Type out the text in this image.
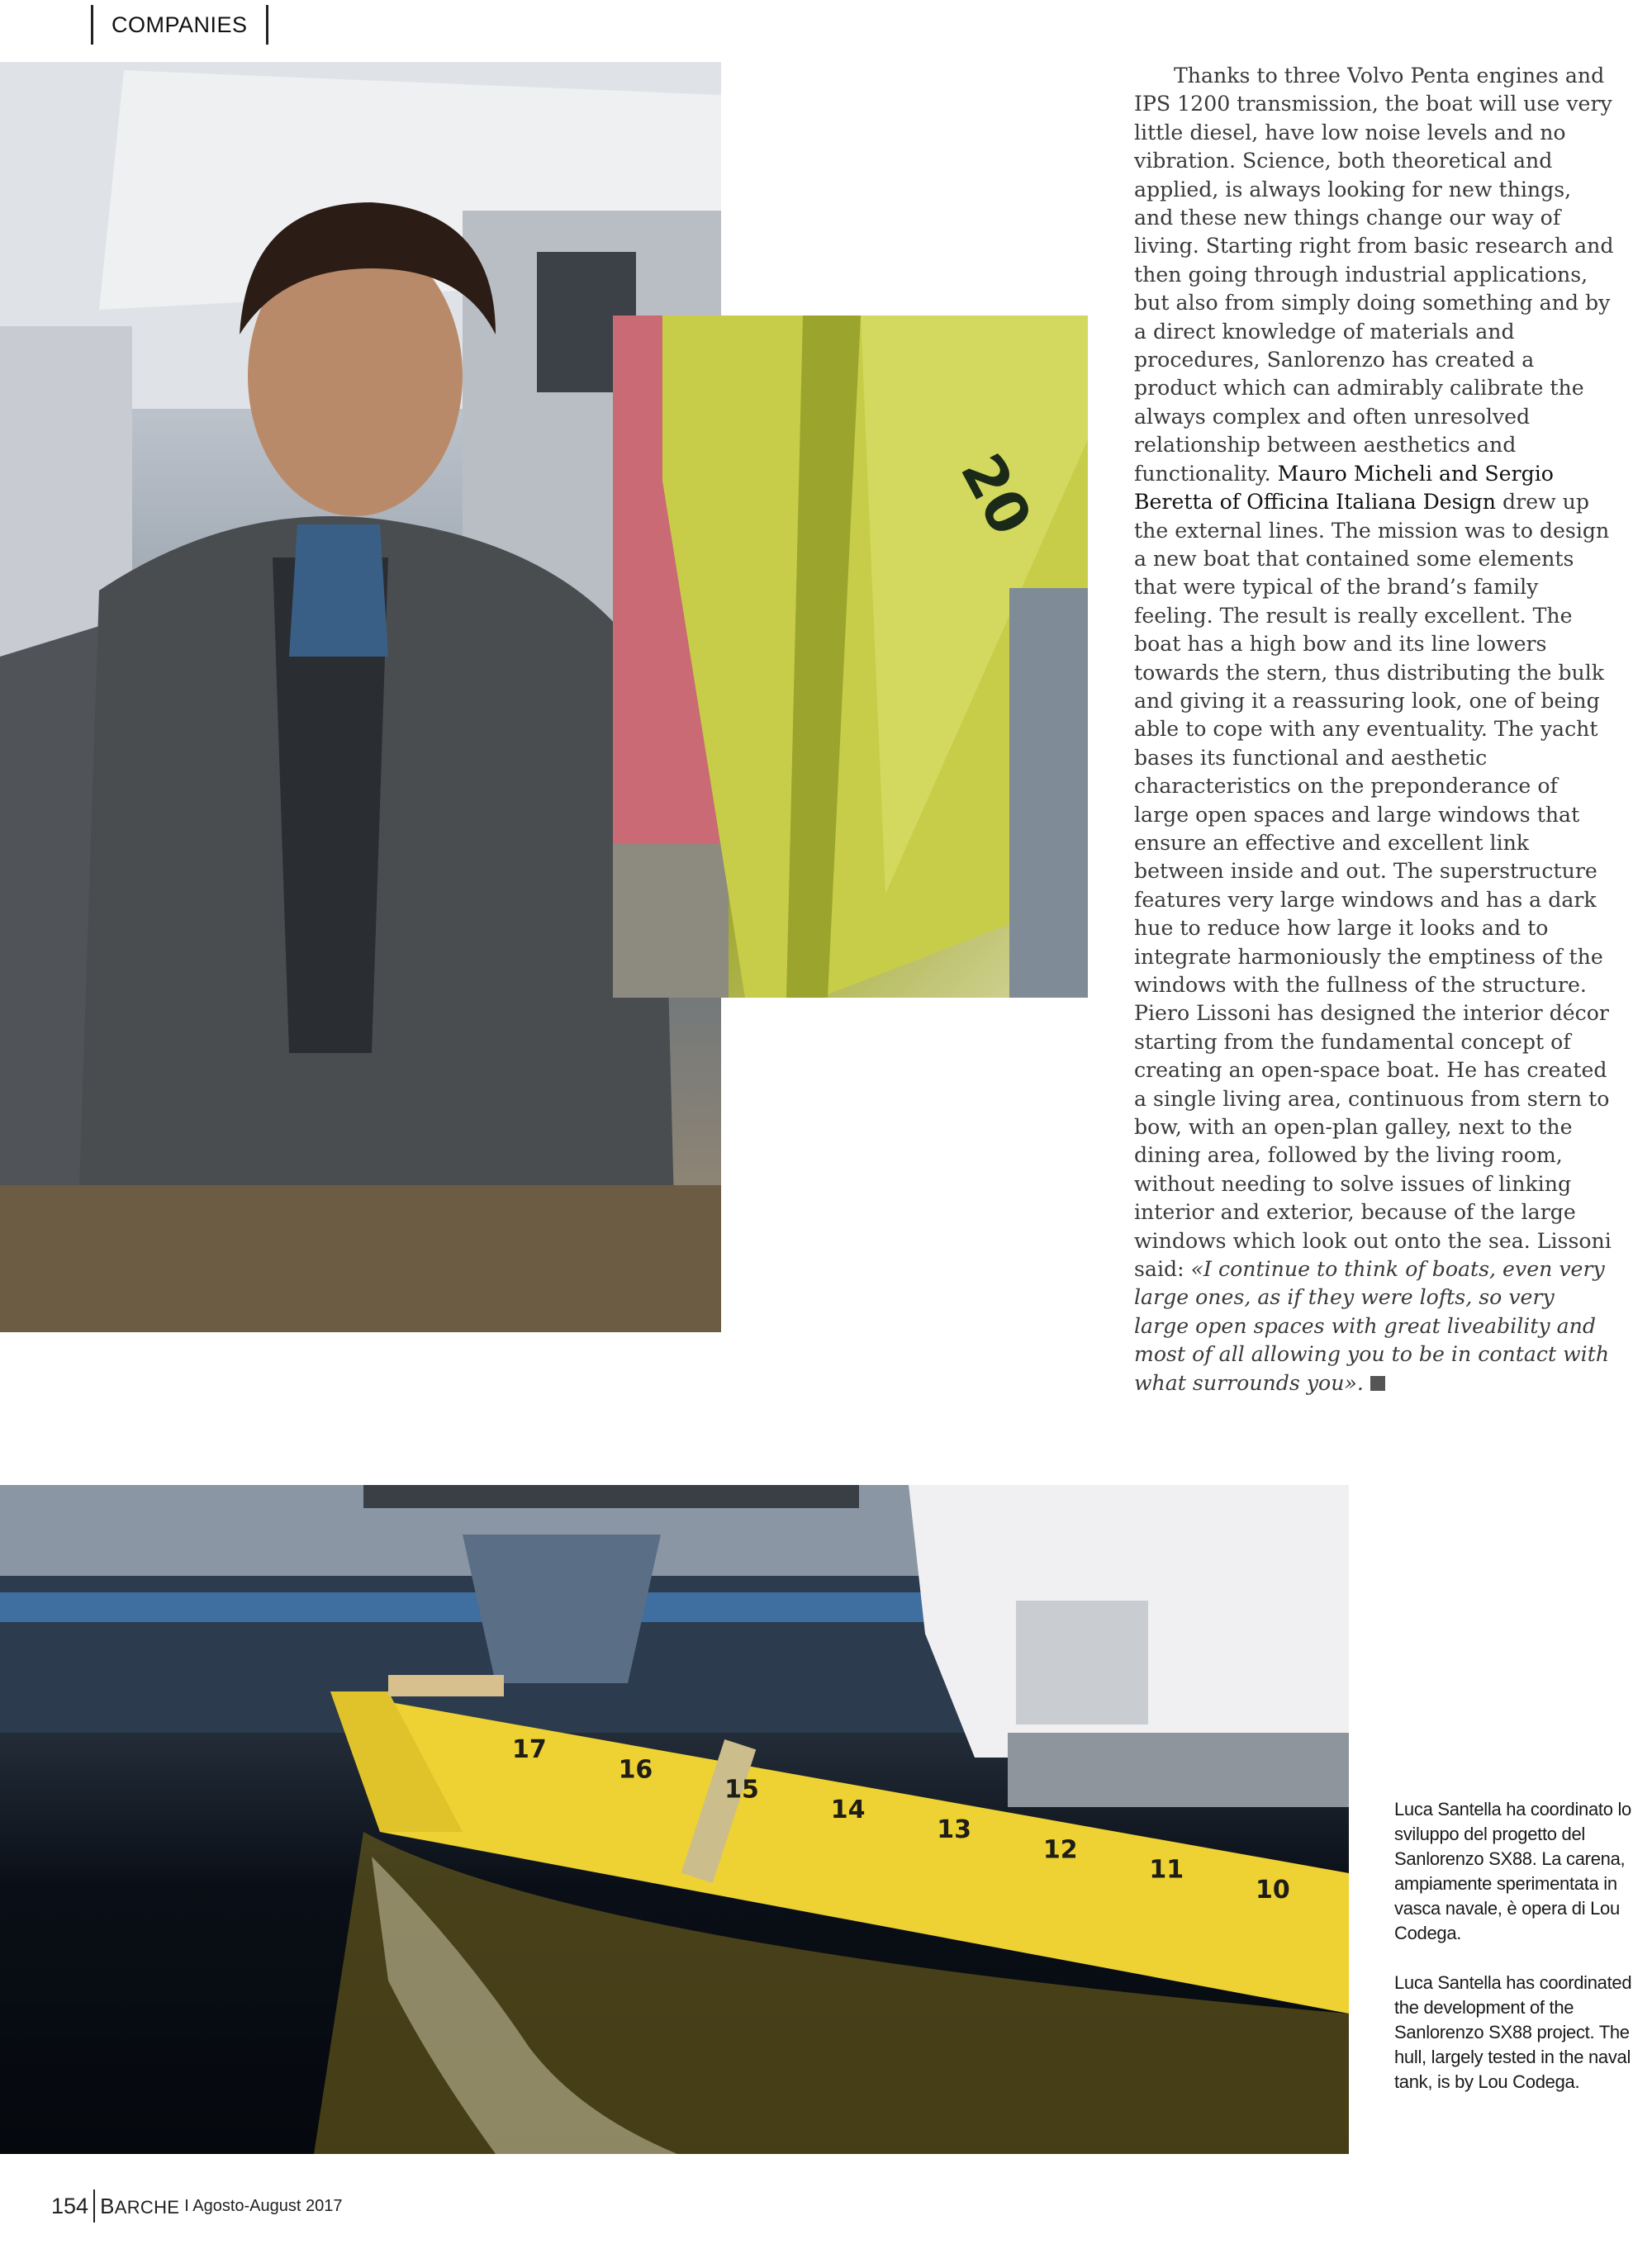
COMPANIES
20

Thanks to three Volvo Penta engines and IPS 1200 transmission, the boat will use very little diesel, have low noise levels and no vibration. Science, both theoretical and applied, is always looking for new things, and these new things change our way of living. Starting right from basic research and then going through industrial applications, but also from simply doing something and by a direct knowledge of materials and procedures, Sanlorenzo has created a product which can admirably calibrate the always complex and often unresolved relationship between aesthetics and functionality. Mauro Micheli and Sergio Beretta of Officina Italiana Design drew up the external lines. The mission was to design a new boat that contained some elements that were typical of the brand’s family feeling. The result is really excellent. The boat has a high bow and its line lowers towards the stern, thus distributing the bulk and giving it a reassuring look, one of being able to cope with any eventuality. The yacht bases its functional and aesthetic characteristics on the preponderance of large open spaces and large windows that ensure an effective and excellent link between inside and out. The superstructure features very large windows and has a dark hue to reduce how large it looks and to integrate harmoniously the emptiness of the windows with the fullness of the structure. Piero Lissoni has designed the interior décor starting from the fundamental concept of creating an open-space boat. He has created a single living area, continuous from stern to bow, with an open-plan galley, next to the dining area, followed by the living room, without needing to solve issues of linking interior and exterior, because of the large windows which look out onto the sea. Lissoni said: «I continue to think of boats, even very large ones, as if they were lofts, so very large open spaces with great liveability and most of all allowing you to be in contact with what surrounds you».

17
16
15
14
13
12
11
10

Luca Santella ha coordinato lo sviluppo del progetto del Sanlorenzo SX88. La carena, ampiamente sperimentata in vasca navale, è opera di Lou Codega.

Luca Santella has coordinated the development of the Sanlorenzo SX88 project. The hull, largely tested in the naval tank, is by Lou Codega.

154 BARCHE I Agosto-August 2017
